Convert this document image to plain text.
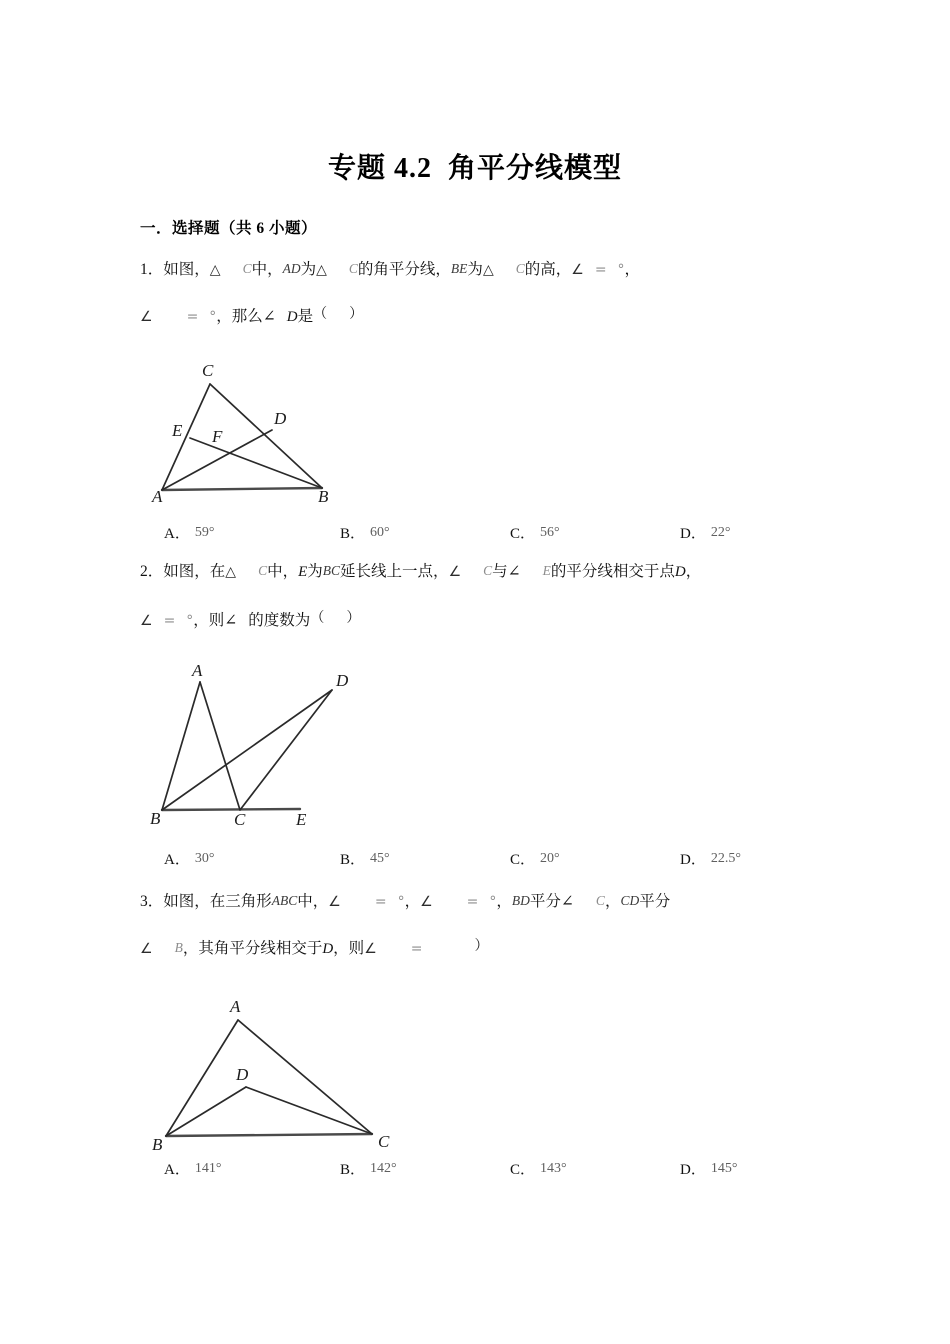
专题 4.2  角平分线模型
一．选择题（共 6 小题）
1．如图，△ C中，AD为△ C的角平分线，BE为△ C的高，∠ = °，
∠ = °，那么∠ D是（ ）
C
D
E F
A	B
A． 59°	B． 60°	C． 56°	D． 22°
2．如图，在△ C中，E为BC延长线上一点，∠ C与∠ E的平分线相交于点D，
∠ = °，则∠ 的度数为（ ）
A
D
B	C	E
A． 30°	B． 45°	C． 20°	D． 22.5°
3．如图，在三角形ABC中，∠ = °，∠ = °，BD平分∠ C，CD平分
∠ B，其角平分线相交于D，则∠ =	）
A
D
B	C
A． 141°	B． 142°	C． 143°	D． 145°
